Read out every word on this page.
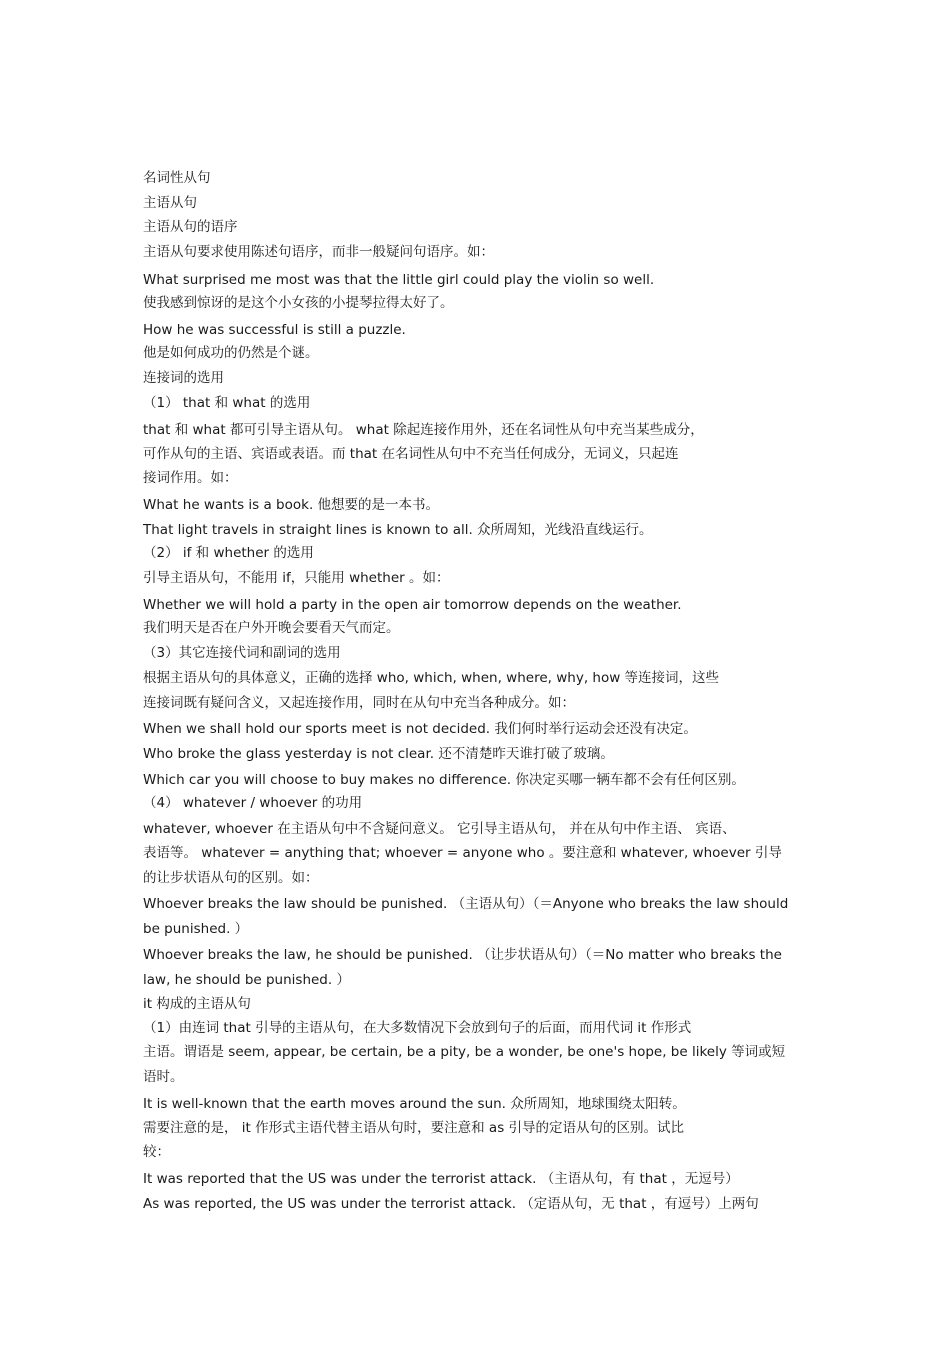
名词性从句
主语从句
主语从句的语序
主语从句要求使用陈述句语序，而非一般疑问句语序。如：
What surprised me most was that the little girl could play the violin so well.
使我感到惊讶的是这个小女孩的小提琴拉得太好了。
How he was successful is still a puzzle.
他是如何成功的仍然是个谜。
连接词的选用
（1） that 和 what 的选用
that 和 what 都可引导主语从句。 what 除起连接作用外，还在名词性从句中充当某些成分，
可作从句的主语、宾语或表语。而 that 在名词性从句中不充当任何成分，无词义，只起连
接词作用。如：
What he wants is a book. 他想要的是一本书。
That light travels in straight lines is known to all. 众所周知，光线沿直线运行。
（2） if 和 whether 的选用
引导主语从句，不能用 if，只能用 whether 。如：
Whether we will hold a party in the open air tomorrow depends on the weather.
我们明天是否在户外开晚会要看天气而定。
（3）其它连接代词和副词的选用
根据主语从句的具体意义，正确的选择 who, which, when, where, why, how 等连接词，这些
连接词既有疑问含义，又起连接作用，同时在从句中充当各种成分。如：
When we shall hold our sports meet is not decided. 我们何时举行运动会还没有决定。
Who broke the glass yesterday is not clear. 还不清楚昨天谁打破了玻璃。
Which car you will choose to buy makes no difference. 你决定买哪一辆车都不会有任何区别。
（4） whatever / whoever 的功用
whatever, whoever 在主语从句中不含疑问意义。 它引导主语从句， 并在从句中作主语、 宾语、
表语等。 whatever = anything that; whoever = anyone who 。要注意和 whatever, whoever 引导
的让步状语从句的区别。如：
Whoever breaks the law should be punished. （主语从句）（＝Anyone who breaks the law should
be punished. ）
Whoever breaks the law, he should be punished. （让步状语从句）（＝No matter who breaks the
law, he should be punished. ）
it 构成的主语从句
（1）由连词 that 引导的主语从句，在大多数情况下会放到句子的后面，而用代词 it 作形式
主语。谓语是 seem, appear, be certain, be a pity, be a wonder, be one's hope, be likely 等词或短
语时。
It is well-known that the earth moves around the sun. 众所周知，地球围绕太阳转。
需要注意的是， it 作形式主语代替主语从句时，要注意和 as 引导的定语从句的区别。试比
较：
It was reported that the US was under the terrorist attack. （主语从句，有 that ，无逗号）
As was reported, the US was under the terrorist attack. （定语从句，无 that ，有逗号）上两句
